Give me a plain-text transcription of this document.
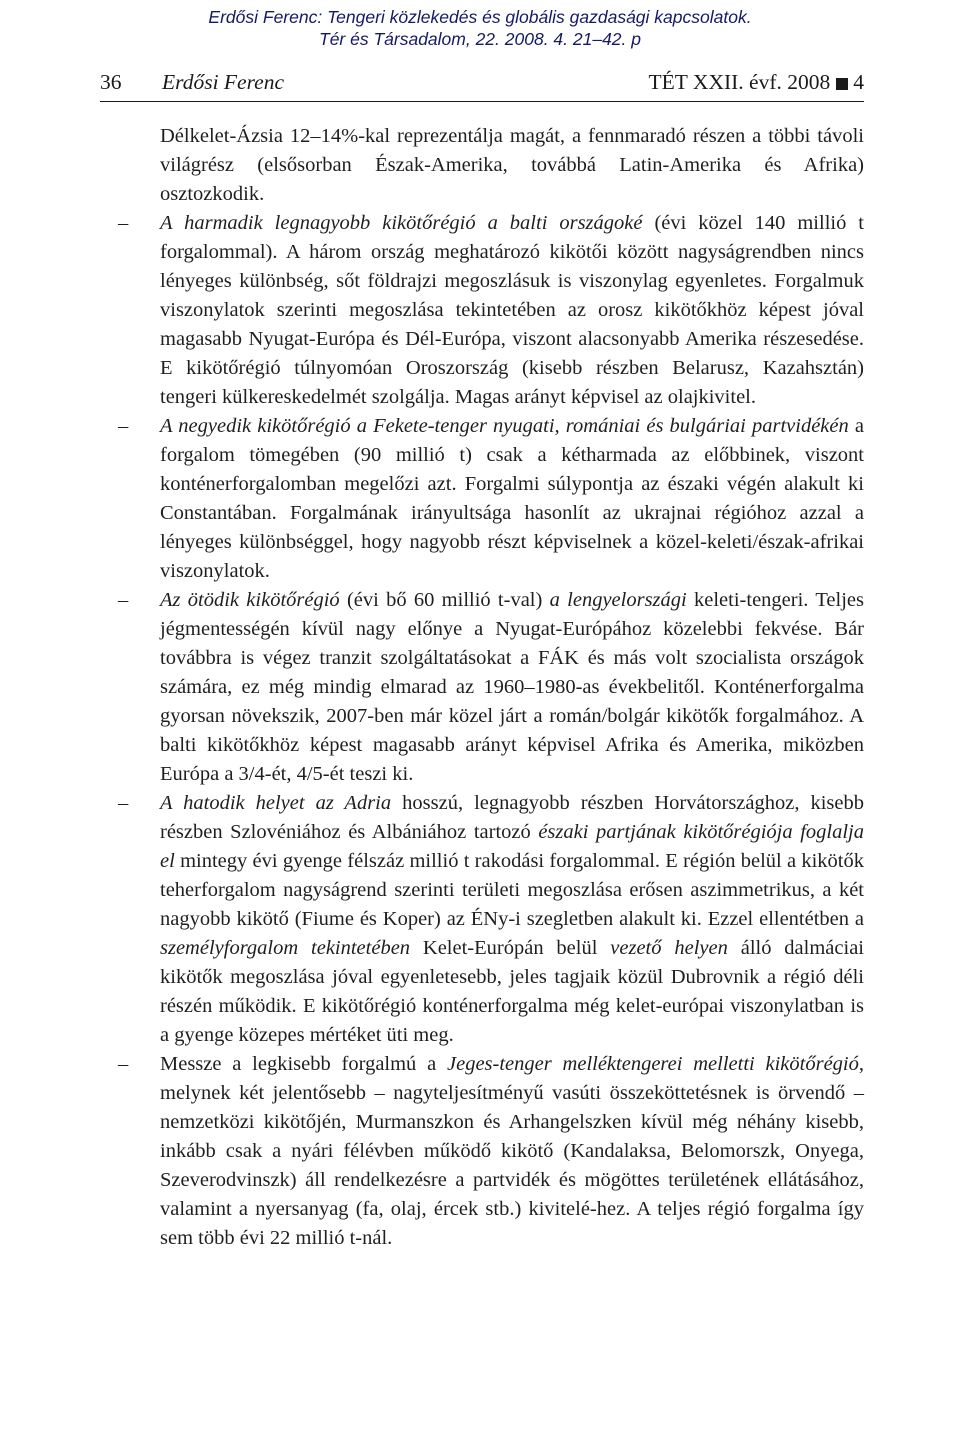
Erdősi Ferenc: Tengeri közlekedés és globális gazdasági kapcsolatok.
Tér és Társadalom, 22. 2008. 4. 21–42. p
36 Erdősi Ferenc	TÉT XXII. évf. 2008 4
Délkelet-Ázsia 12–14%-kal reprezentálja magát, a fennmaradó részen a többi távoli világrész (elsősorban Észak-Amerika, továbbá Latin-Amerika és Afrika) osztozkodik.
– A harmadik legnagyobb kikötőrégió a balti országoké (évi közel 140 millió t forgalommal). A három ország meghatározó kikötői között nagyságrendben nincs lényeges különbség, sőt földrajzi megoszlásuk is viszonylag egyenletes. Forgalmuk viszonylatok szerinti megoszlása tekintetében az orosz kikötőkhöz képest jóval magasabb Nyugat-Európa és Dél-Európa, viszont alacsonyabb Amerika részesedése. E kikötőrégió túlnyomóan Oroszország (kisebb részben Belarusz, Kazahsztán) tengeri külkereskedelmét szolgálja. Magas arányt képvisel az olajkivitel.
– A negyedik kikötőrégió a Fekete-tenger nyugati, romániai és bulgáriai partvidékén a forgalom tömegében (90 millió t) csak a kétharmada az előbbinek, viszont konténerforgalomban megelőzi azt. Forgalmi súlypontja az északi végén alakult ki Constantában. Forgalmának irányultsága hasonlít az ukrajnai régióhoz azzal a lényeges különbséggel, hogy nagyobb részt képviselnek a közel-keleti/észak-afrikai viszonylatok.
– Az ötödik kikötőrégió (évi bő 60 millió t-val) a lengyelországi keleti-tengeri. Teljes jégmentességén kívül nagy előnye a Nyugat-Európához közelebbi fekvése. Bár továbbra is végez tranzit szolgáltatásokat a FÁK és más volt szocialista országok számára, ez még mindig elmarad az 1960–1980-as évekbelitől. Konténerforgalma gyorsan növekszik, 2007-ben már közel járt a román/bolgár kikötők forgalmához. A balti kikötőkhöz képest magasabb arányt képvisel Afrika és Amerika, miközben Európa a 3/4-ét, 4/5-ét teszi ki.
– A hatodik helyet az Adria hosszú, legnagyobb részben Horvátországhoz, kisebb részben Szlovéniához és Albániához tartozó északi partjának kikötőrégiója foglalja el mintegy évi gyenge félszáz millió t rakodási forgalommal. E régión belül a kikötők teherforgalom nagyságrend szerinti területi megoszlása erősen aszimmetrikus, a két nagyobb kikötő (Fiume és Koper) az ÉNy-i szegletben alakult ki. Ezzel ellentétben a személyforgalom tekintetében Kelet-Európán belül vezető helyen álló dalmáciai kikötők megoszlása jóval egyenletesebb, jeles tagjaik közül Dubrovnik a régió déli részén működik. E kikötőrégió konténerforgalma még kelet-európai viszonylatban is a gyenge közepes mértéket üti meg.
– Messze a legkisebb forgalmú a Jeges-tenger melléktengerei melletti kikötőrégió, melynek két jelentősebb – nagyteljesítményű vasúti összeköttetésnek is örvendő – nemzetközi kikötőjén, Murmanszkon és Arhangelszken kívül még néhány kisebb, inkább csak a nyári félévben működő kikötő (Kandalaksa, Belomorszk, Onyega, Szeverodvinszk) áll rendelkezésre a partvidék és mögöttes területének ellátásához, valamint a nyersanyag (fa, olaj, ércek stb.) kivitelé-hez. A teljes régió forgalma így sem több évi 22 millió t-nál.
